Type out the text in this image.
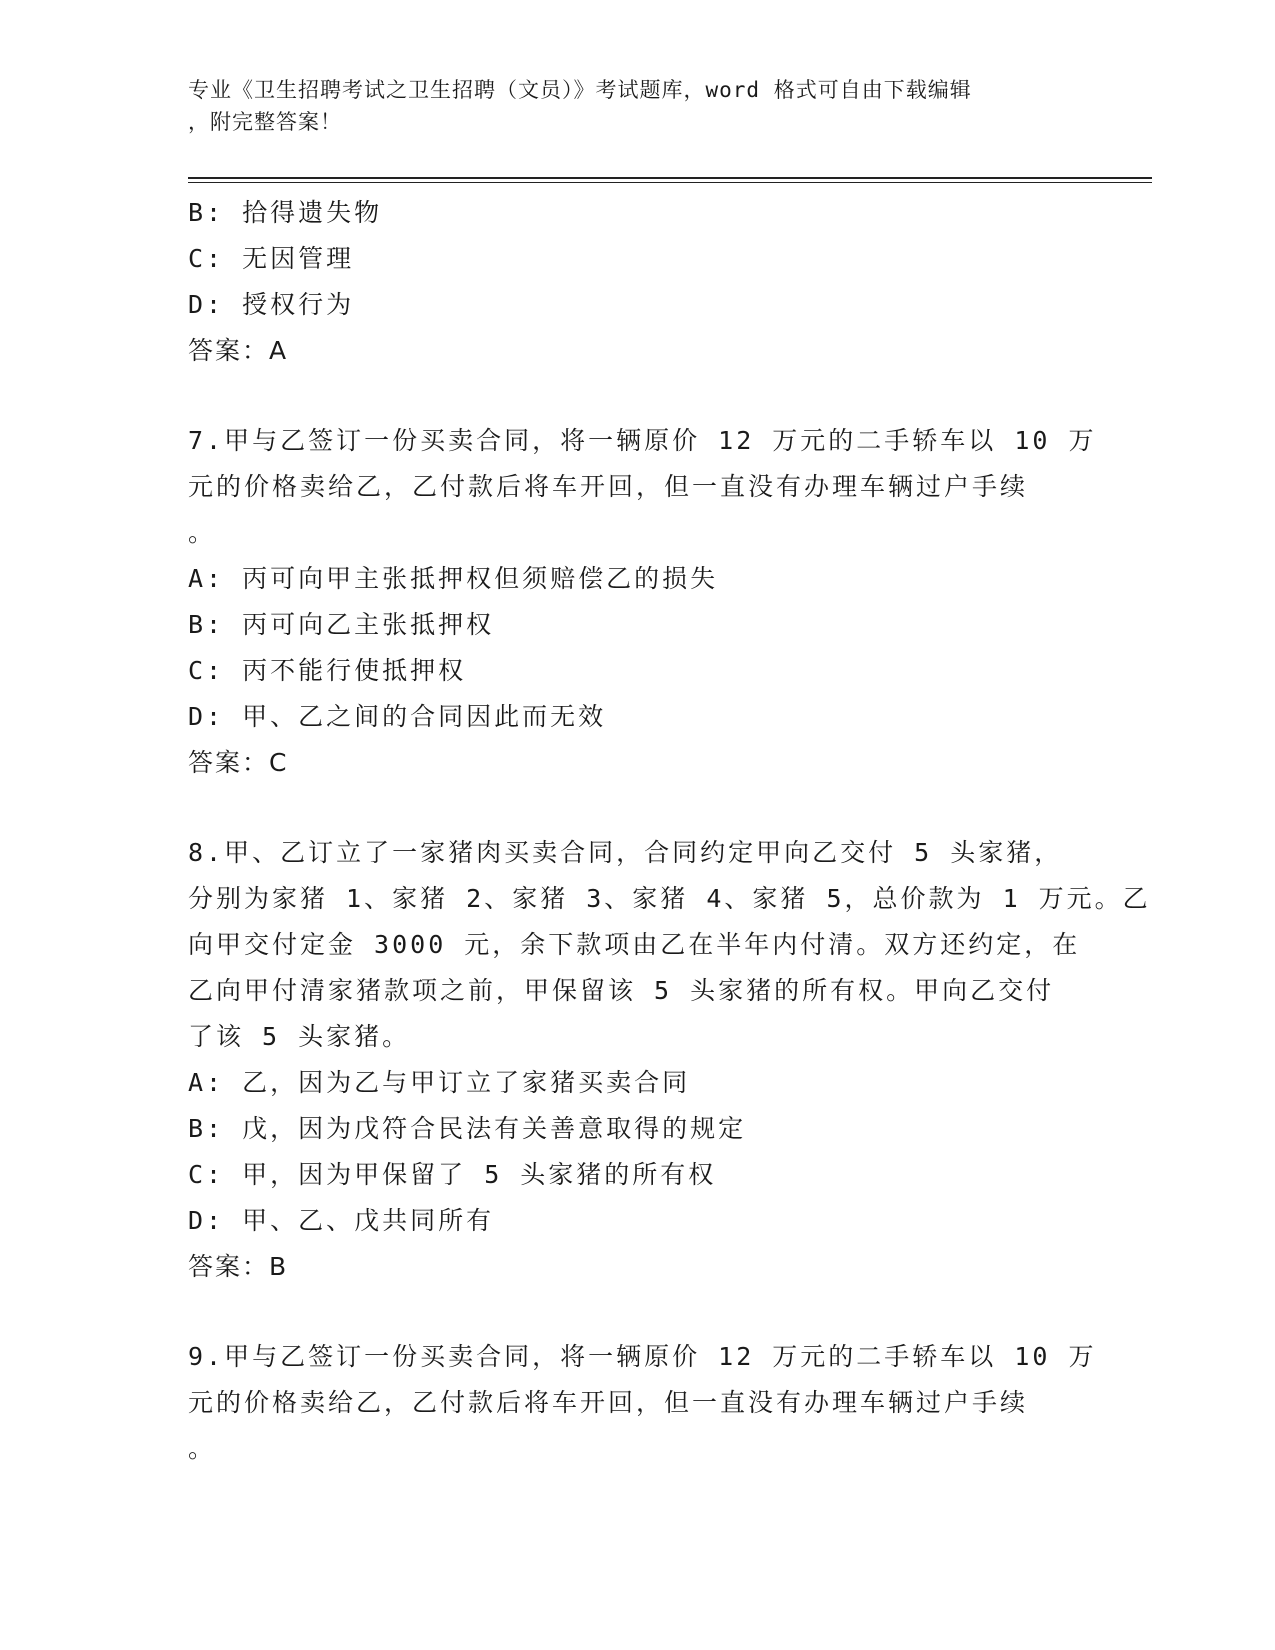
专业《卫生招聘考试之卫生招聘（文员）》考试题库，word 格式可自由下载编辑
，附完整答案！
B: 拾得遗失物
C: 无因管理
D: 授权行为
答案：A
7.甲与乙签订一份买卖合同，将一辆原价 12 万元的二手轿车以 10 万
元的价格卖给乙，乙付款后将车开回，但一直没有办理车辆过户手续
。
A: 丙可向甲主张抵押权但须赔偿乙的损失
B: 丙可向乙主张抵押权
C: 丙不能行使抵押权
D: 甲、乙之间的合同因此而无效
答案：C
8.甲、乙订立了一家猪肉买卖合同，合同约定甲向乙交付 5 头家猪，
分别为家猪 1、家猪 2、家猪 3、家猪 4、家猪 5，总价款为 1 万元。乙
向甲交付定金 3000 元，余下款项由乙在半年内付清。双方还约定，在
乙向甲付清家猪款项之前，甲保留该 5 头家猪的所有权。甲向乙交付
了该 5 头家猪。
A: 乙，因为乙与甲订立了家猪买卖合同
B: 戊，因为戊符合民法有关善意取得的规定
C: 甲，因为甲保留了 5 头家猪的所有权
D: 甲、乙、戊共同所有
答案：B
9.甲与乙签订一份买卖合同，将一辆原价 12 万元的二手轿车以 10 万
元的价格卖给乙，乙付款后将车开回，但一直没有办理车辆过户手续
。
